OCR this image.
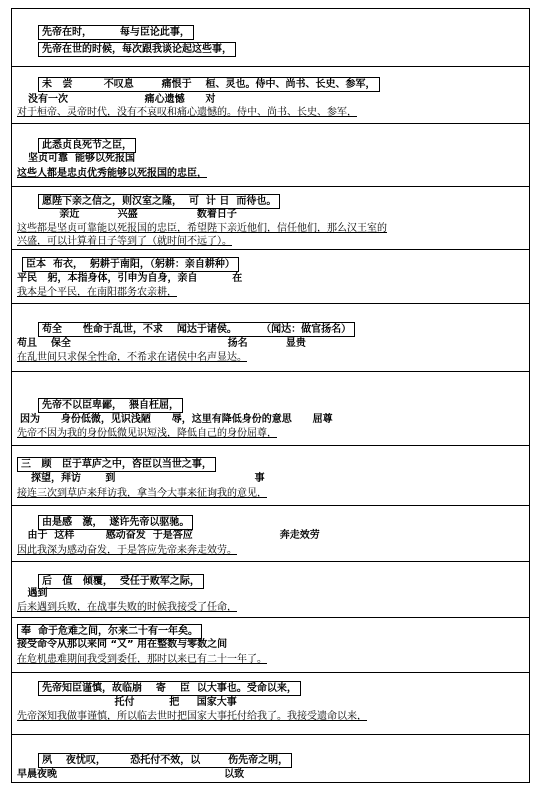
先帝在时，        每与臣论此事，
先帝在世的时候，每次跟我谈论起这些事，
未   尝         不叹息        痛恨于    桓、灵也。侍中、尚书、长史、参军，
没有一次                      痛心遗憾      对
对于桓帝、灵帝时代，没有不哀叹和痛心遗憾的。侍中、尚书、长史、参军，
此悉贞良死节之臣，
坚贞可靠  能够以死报国
这些人都是忠贞优秀能够以死报国的忠臣，
愿陛下亲之信之，则汉室之隆，  可  计 日  而待也。
亲近           兴盛                 数着日子
这些都是坚贞可靠能以死报国的忠臣，希望陛下亲近他们，信任他们，那么汉王室的
兴盛，可以计算着日子等到了（就时间不远了）。
臣本  布衣，  躬耕于南阳，（躬耕：亲自耕种）
平民   躬，本指身体，引申为自身，亲自          在
我本是个平民，在南阳郡务农亲耕，
苟全      性命于乱世，不求    闻达于诸侯。       （闻达：做官扬名）
苟且    保全                                             扬名           显贵
在乱世间只求保全性命，不希求在诸侯中名声显达。
先帝不以臣卑鄙，  猥自枉屈，
因为      身份低微，见识浅陋      辱，这里有降低身份的意思      屈尊
先帝不因为我的身份低微见识短浅，降低自己的身份屈尊，
三   顾   臣于草庐之中，咨臣以当世之事，
探望，拜访       到                                        事
接连三次到草庐来拜访我，拿当今大事来征询我的意见，
由是感   激，  遂许先帝以驱驰。
由于  这样         感动奋发  于是答应                         奔走效劳
因此我深为感动奋发，于是答应先帝来奔走效劳。
后   值   倾覆，  受任于败军之际，
遇到
后来遇到兵败，在战事失败的时候我接受了任命，
奉  命于危难之间，尔来二十有一年矣。
接受命令从那以来同 “又” 用在整数与零数之间
在危机患难期间我受到委任，那时以来已有二十一年了。
先帝知臣谨慎，故临崩    寄    臣  以大事也。受命以来，
托付          把     国家大事
先帝深知我做事谨慎，所以临去世时把国家大事托付给我了。我接受遗命以来，
夙    夜忧叹，       恐托付不效，以        伤先帝之明，
早晨夜晚                                                以致
